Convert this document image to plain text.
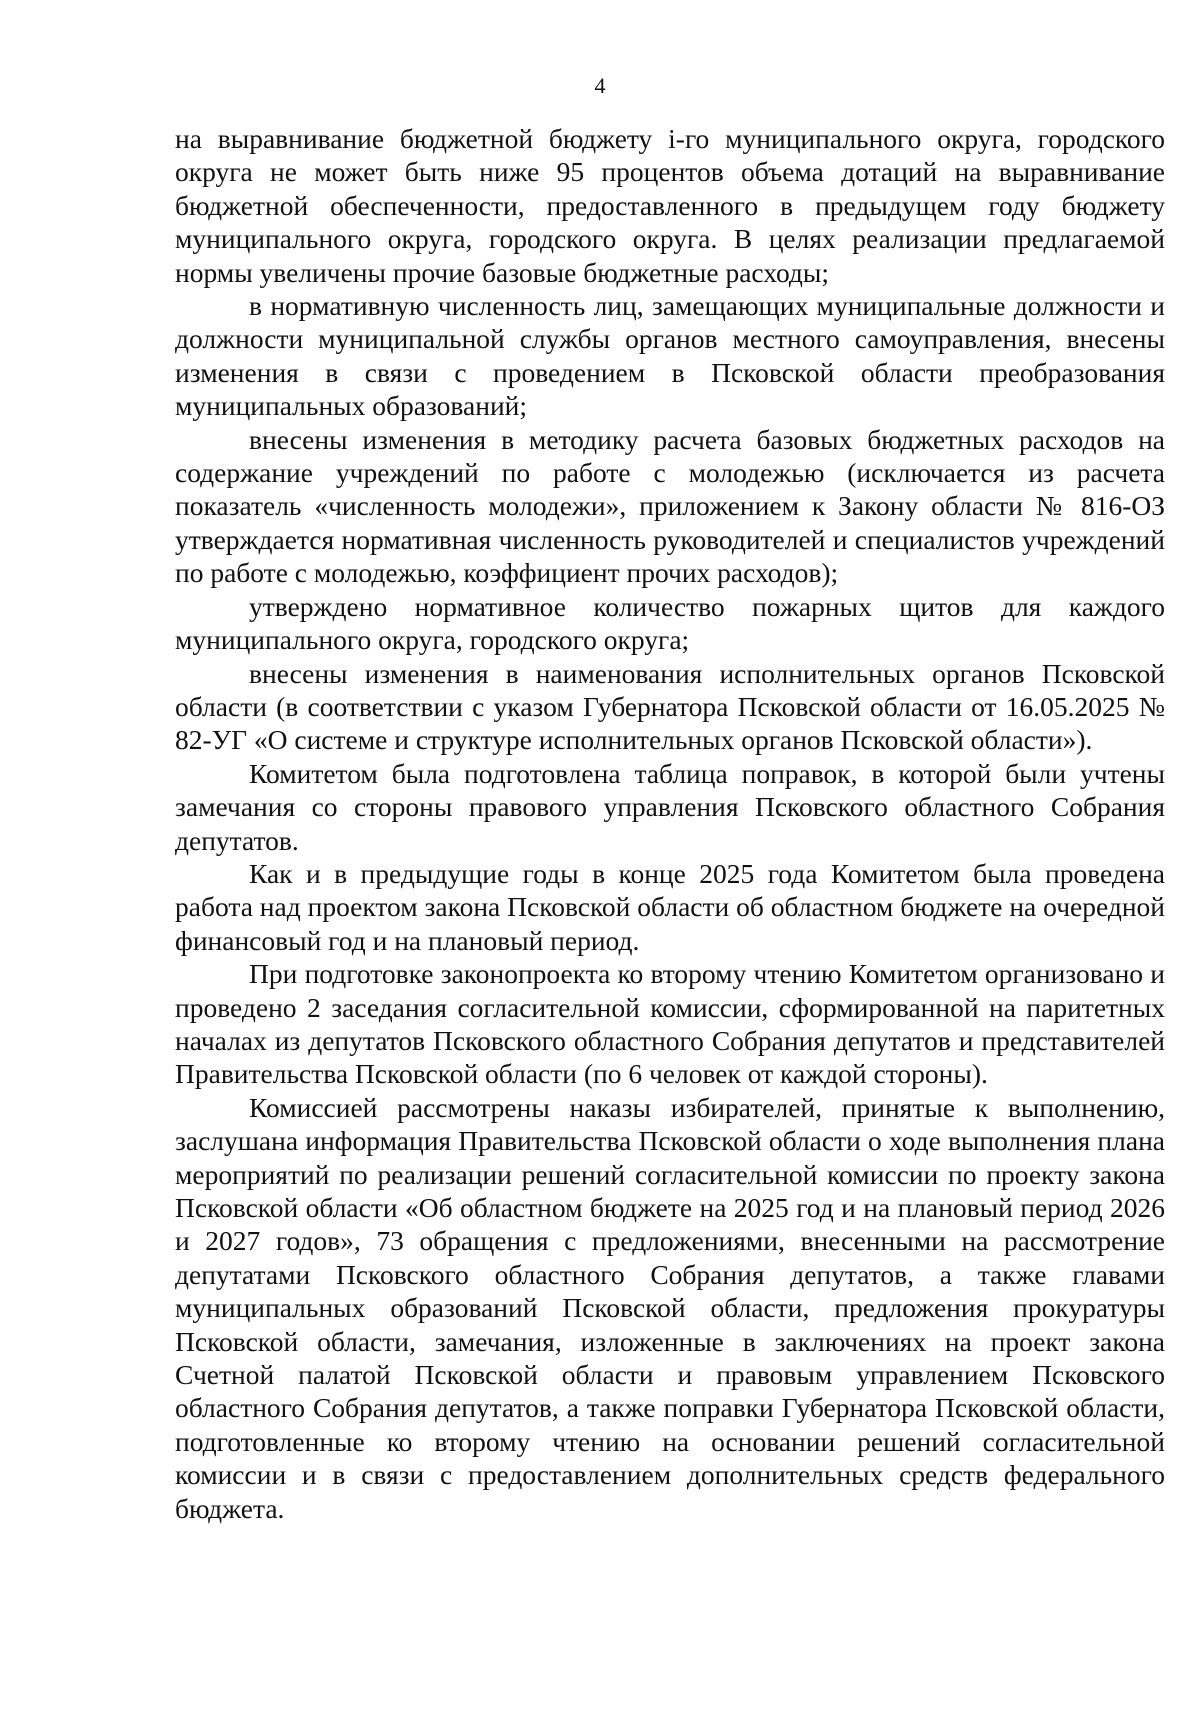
4

на выравнивание бюджетной бюджету i-го муниципального округа, городского округа не может быть ниже 95 процентов объема дотаций на выравнивание бюджетной обеспеченности, предоставленного в предыдущем году бюджету муниципального округа, городского округа. В целях реализации предлагаемой нормы увеличены прочие базовые бюджетные расходы;

в нормативную численность лиц, замещающих муниципальные должности и должности муниципальной службы органов местного самоуправления, внесены изменения в связи с проведением в Псковской области преобразования муниципальных образований;

внесены изменения в методику расчета базовых бюджетных расходов на содержание учреждений по работе с молодежью (исключается из расчета показатель «численность молодежи», приложением к Закону области № 816-ОЗ утверждается нормативная численность руководителей и специалистов учреждений по работе с молодежью, коэффициент прочих расходов);

утверждено нормативное количество пожарных щитов для каждого муниципального округа, городского округа;

внесены изменения в наименования исполнительных органов Псковской области (в соответствии с указом Губернатора Псковской области от 16.05.2025 № 82-УГ «О системе и структуре исполнительных органов Псковской области»).

Комитетом была подготовлена таблица поправок, в которой были учтены замечания со стороны правового управления Псковского областного Собрания депутатов.

Как и в предыдущие годы в конце 2025 года Комитетом была проведена работа над проектом закона Псковской области об областном бюджете на очередной финансовый год и на плановый период.

При подготовке законопроекта ко второму чтению Комитетом организовано и проведено 2 заседания согласительной комиссии, сформированной на паритетных началах из депутатов Псковского областного Собрания депутатов и представителей Правительства Псковской области (по 6 человек от каждой стороны).

Комиссией рассмотрены наказы избирателей, принятые к выполнению, заслушана информация Правительства Псковской области о ходе выполнения плана мероприятий по реализации решений согласительной комиссии по проекту закона Псковской области «Об областном бюджете на 2025 год и на плановый период 2026 и 2027 годов», 73 обращения с предложениями, внесенными на рассмотрение депутатами Псковского областного Собрания депутатов, а также главами муниципальных образований Псковской области, предложения прокуратуры Псковской области, замечания, изложенные в заключениях на проект закона Счетной палатой Псковской области и правовым управлением Псковского областного Собрания депутатов, а также поправки Губернатора Псковской области, подготовленные ко второму чтению на основании решений согласительной комиссии и в связи с предоставлением дополнительных средств федерального бюджета.
